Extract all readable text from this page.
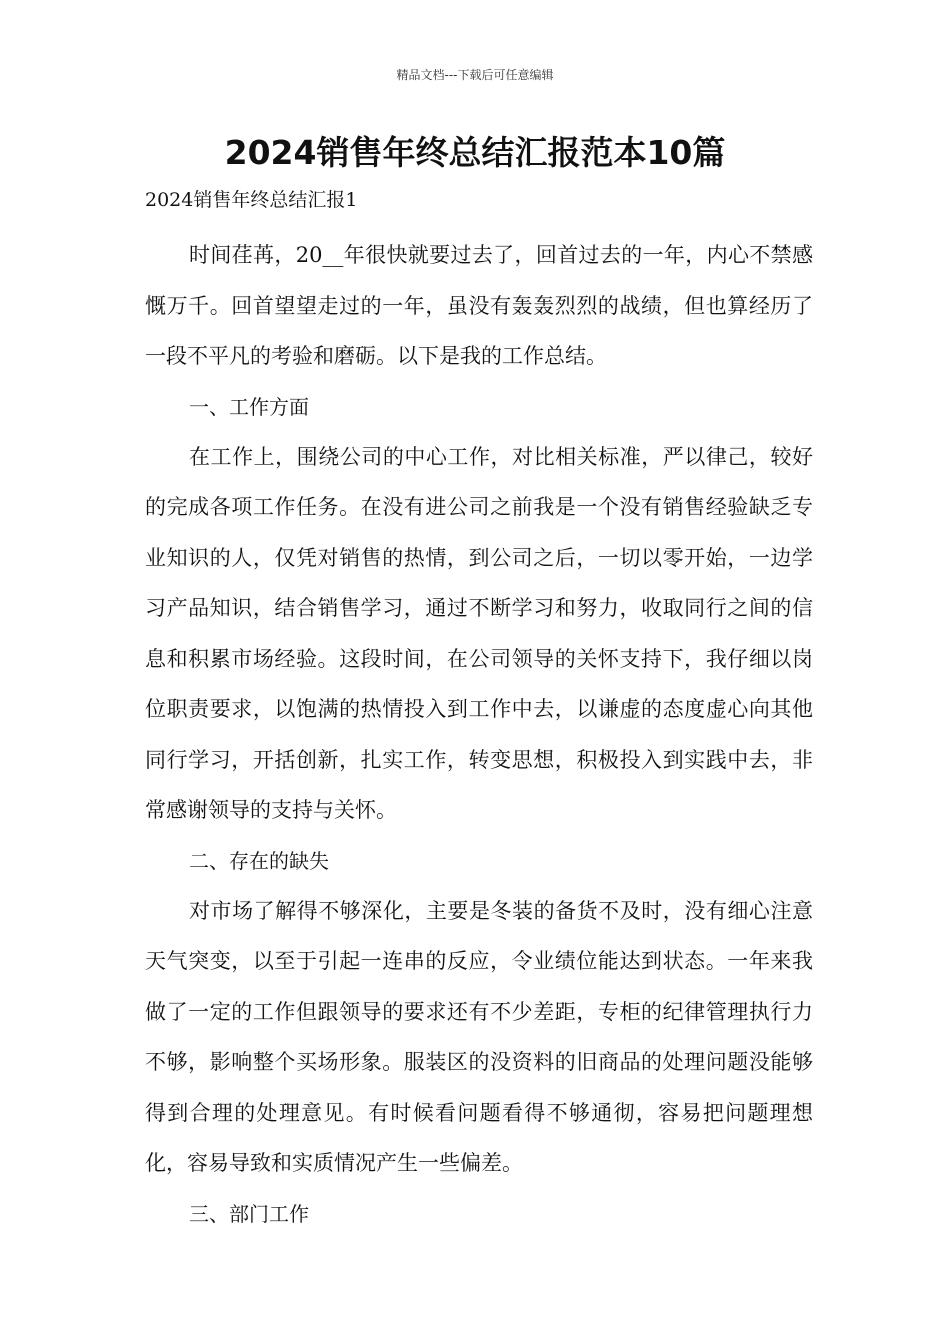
精品文档---下载后可任意编辑
2024销售年终总结汇报范本10篇

2024销售年终总结汇报1

时间荏苒，20__年很快就要过去了，回首过去的一年，内心不禁感慨万千。回首望望走过的一年，虽没有轰轰烈烈的战绩，但也算经历了一段不平凡的考验和磨砺。以下是我的工作总结。

一、工作方面

在工作上，围绕公司的中心工作，对比相关标准，严以律己，较好的完成各项工作任务。在没有进公司之前我是一个没有销售经验缺乏专业知识的人，仅凭对销售的热情，到公司之后，一切以零开始，一边学习产品知识，结合销售学习，通过不断学习和努力，收取同行之间的信息和积累市场经验。这段时间，在公司领导的关怀支持下，我仔细以岗位职责要求，以饱满的热情投入到工作中去，以谦虚的态度虚心向其他同行学习，开括创新，扎实工作，转变思想，积极投入到实践中去，非常感谢领导的支持与关怀。

二、存在的缺失

对市场了解得不够深化，主要是冬装的备货不及时，没有细心注意天气突变，以至于引起一连串的反应，令业绩位能达到状态。一年来我做了一定的工作但跟领导的要求还有不少差距，专柜的纪律管理执行力不够，影响整个买场形象。服装区的没资料的旧商品的处理问题没能够得到合理的处理意见。有时候看问题看得不够通彻，容易把问题理想化，容易导致和实质情况产生一些偏差。

三、部门工作
